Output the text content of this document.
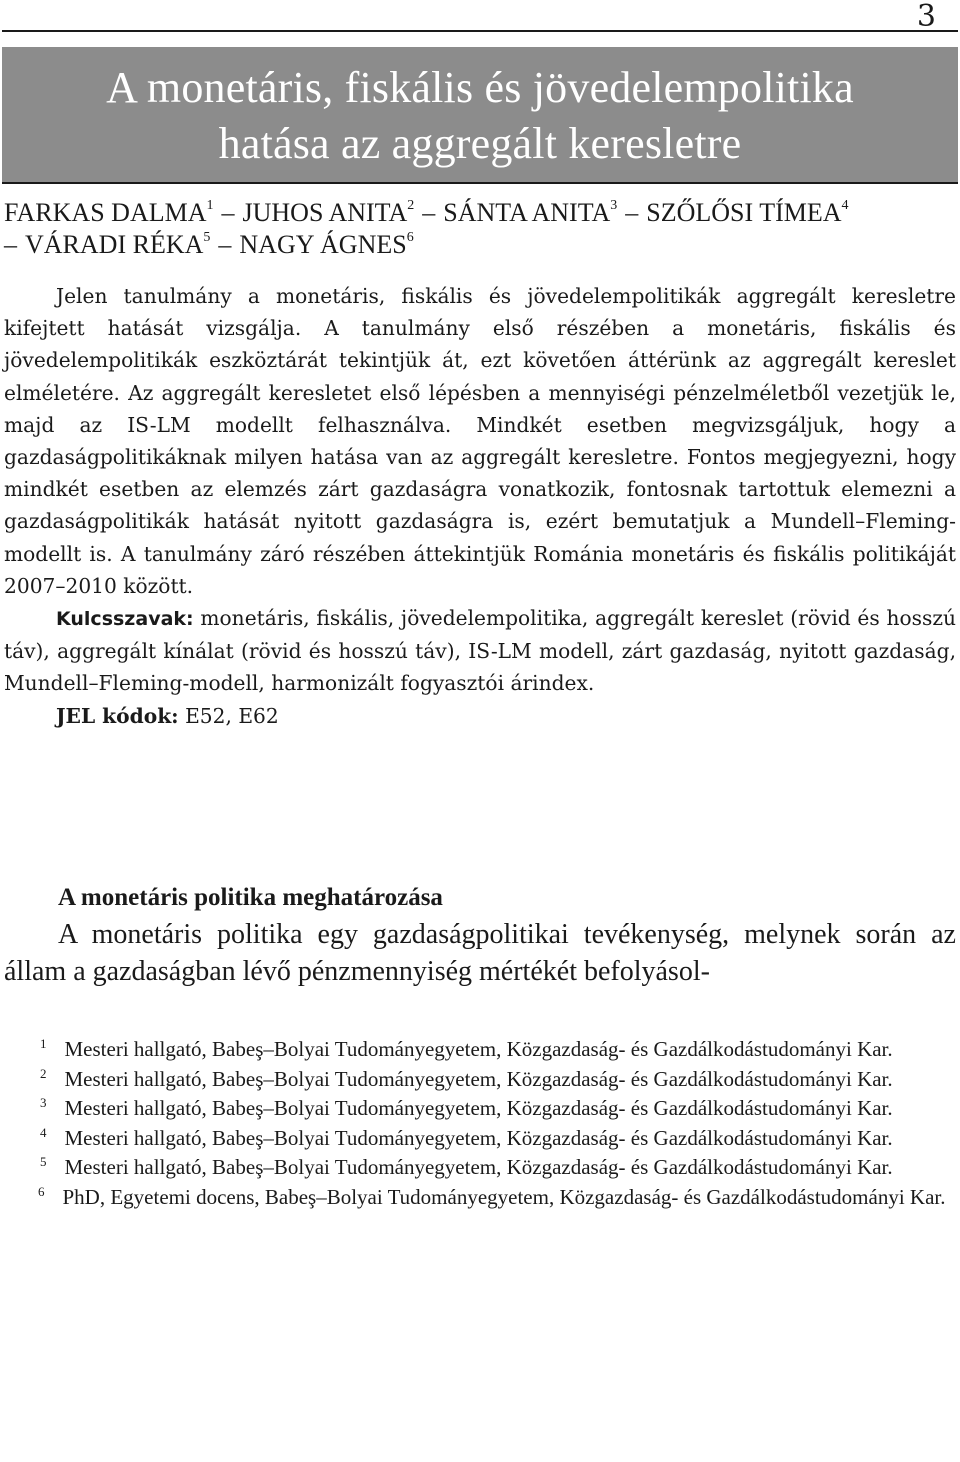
3
A monetáris, fiskális és jövedelempolitika
hatása az aggregált keresletre
FARKAS DALMA$^1$ – JUHOS ANITA$^2$ – SÁNTA ANITA$^3$ – SZŐLŐSI TÍMEA$^4$
– VÁRADI RÉKA$^5$ – NAGY ÁGNES$^6$

Jelen tanulmány a monetáris, fiskális és jövedelempolitikák aggregált keresletre kifejtett hatását vizsgálja. A tanulmány első részében a monetáris, fiskális és jövedelempolitikák eszköztárát tekintjük át, ezt követően áttérünk az aggregált kereslet elméletére. Az aggregált keresletet első lépésben a mennyiségi pénzelméletből vezetjük le, majd az IS-LM modellt felhasználva. Mindkét esetben megvizsgáljuk, hogy a gazdaságpolitikáknak milyen hatása van az aggregált keresletre. Fontos megjegyezni, hogy mindkét esetben az elemzés zárt gazdaságra vonatkozik, fontosnak tartottuk elemezni a gazdaságpolitikák hatását nyitott gazdaságra is, ezért bemutatjuk a Mundell–Fleming-modellt is. A tanulmány záró részében áttekintjük Románia monetáris és fiskális politikáját 2007–2010 között.

Kulcsszavak: monetáris, fiskális, jövedelempolitika, aggregált kereslet (rövid és hosszú táv), aggregált kínálat (rövid és hosszú táv), IS-LM modell, zárt gazdaság, nyitott gazdaság, Mundell–Fleming-modell, harmonizált fogyasztói árindex.

JEL kódok: E52, E62

A monetáris politika meghatározása

A monetáris politika egy gazdaságpolitikai tevékenység, melynek során az állam a gazdaságban lévő pénzmennyiség mértékét befolyásol-

$^1$ Mesteri hallgató, Babeş–Bolyai Tudományegyetem, Közgazdaság- és Gazdálkodástudományi Kar.

$^2$ Mesteri hallgató, Babeş–Bolyai Tudományegyetem, Közgazdaság- és Gazdálkodástudományi Kar.

$^3$ Mesteri hallgató, Babeş–Bolyai Tudományegyetem, Közgazdaság- és Gazdálkodástudományi Kar.

$^4$ Mesteri hallgató, Babeş–Bolyai Tudományegyetem, Közgazdaság- és Gazdálkodástudományi Kar.

$^5$ Mesteri hallgató, Babeş–Bolyai Tudományegyetem, Közgazdaság- és Gazdálkodástudományi Kar.

$^6$ PhD, Egyetemi docens, Babeş–Bolyai Tudományegyetem, Közgazdaság- és Gazdálkodástudományi Kar.
